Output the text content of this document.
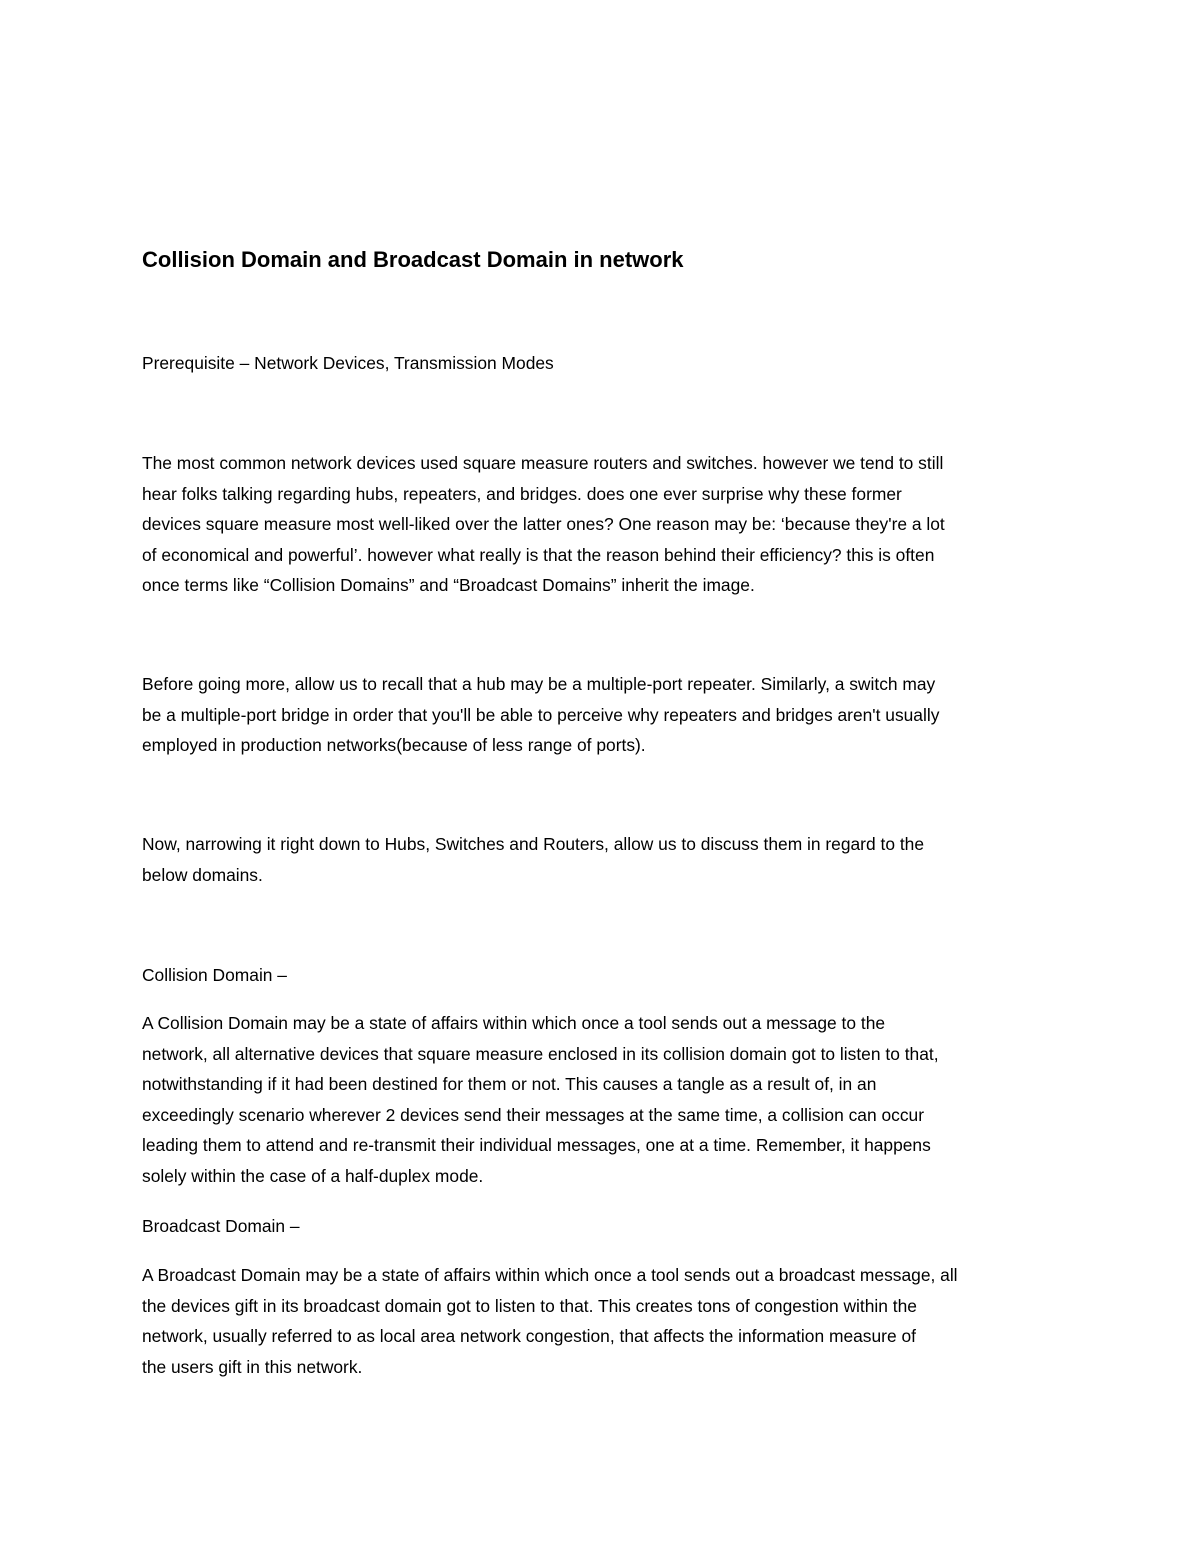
Collision Domain and Broadcast Domain in network

Prerequisite – Network Devices, Transmission Modes

The most common network devices used square measure routers and switches. however we tend to still
hear folks talking regarding hubs, repeaters, and bridges. does one ever surprise why these former
devices square measure most well-liked over the latter ones? One reason may be: ‘because they're a lot
of economical and powerful’. however what really is that the reason behind their efficiency? this is often
once terms like “Collision Domains” and “Broadcast Domains” inherit the image.

Before going more, allow us to recall that a hub may be a multiple-port repeater. Similarly, a switch may
be a multiple-port bridge in order that you'll be able to perceive why repeaters and bridges aren't usually
employed in production networks(because of less range of ports).

Now, narrowing it right down to Hubs, Switches and Routers, allow us to discuss them in regard to the
below domains.

Collision Domain –

A Collision Domain may be a state of affairs within which once a tool sends out a message to the
network, all alternative devices that square measure enclosed in its collision domain got to listen to that,
notwithstanding if it had been destined for them or not. This causes a tangle as a result of, in an
exceedingly scenario wherever 2 devices send their messages at the same time, a collision can occur
leading them to attend and re-transmit their individual messages, one at a time. Remember, it happens
solely within the case of a half-duplex mode.

Broadcast Domain –

A Broadcast Domain may be a state of affairs within which once a tool sends out a broadcast message, all
the devices gift in its broadcast domain got to listen to that. This creates tons of congestion within the
network, usually referred to as local area network congestion, that affects the information measure of
the users gift in this network.
